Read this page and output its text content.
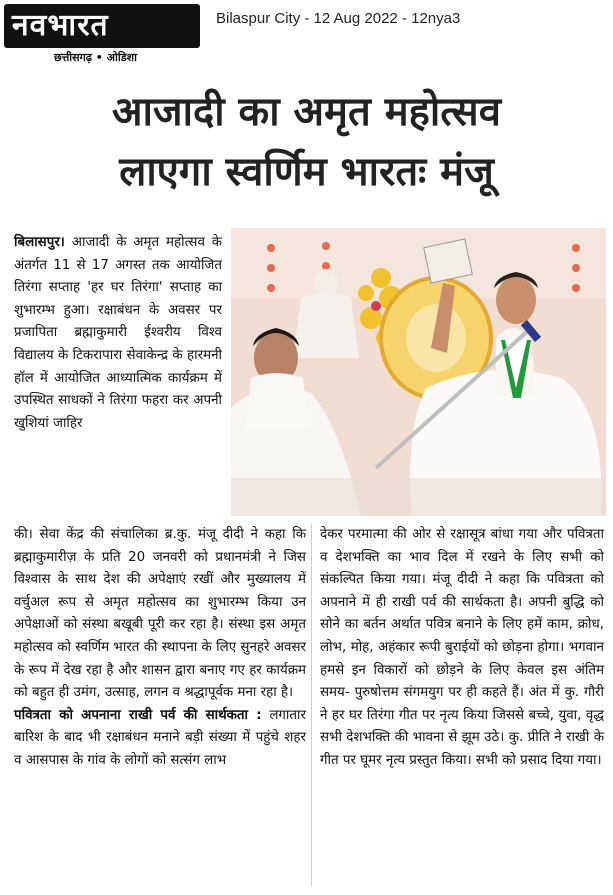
नवभारत
छत्तीसगढ़ • ओडिशा
Bilaspur City - 12 Aug 2022 - 12nya3
आजादी का अमृत महोत्सव
लाएगा स्वर्णिम भारतः मंजू
बिलासपुर। आजादी के अमृत महोत्सव के अंतर्गत 11 से 17 अगस्त तक आयोजित तिरंगा सप्ताह 'हर घर तिरंगा' सप्ताह का शुभारम्भ हुआ। रक्षाबंधन के अवसर पर प्रजापिता ब्रह्माकुमारी ईश्वरीय विश्व विद्यालय के टिकरापारा सेवाकेन्द्र के हारमनी हॉल में आयोजित आध्यात्मिक कार्यक्रम में उपस्थित साधकों ने तिरंगा फहरा कर अपनी खुशियां जाहिर
की। सेवा केंद्र की संचालिका ब्र.कु. मंजू दीदी ने कहा कि ब्रह्माकुमारीज़ के प्रति 20 जनवरी को प्रधानमंत्री ने जिस विश्वास के साथ देश की अपेक्षाएं रखीं और मुख्यालय में वर्चुअल रूप से अमृत महोत्सव का शुभारम्भ किया उन अपेक्षाओं को संस्था बखूबी पूरी कर रहा है। संस्था इस अमृत महोत्सव को स्वर्णिम भारत की स्थापना के लिए सुनहरे अवसर के रूप में देख रहा है और शासन द्वारा बनाए गए हर कार्यक्रम को बहुत ही उमंग, उत्साह, लगन व श्रद्धापूर्वक मना रहा है।
पवित्रता को अपनाना राखी पर्व की सार्थकता : लगातार बारिश के बाद भी रक्षाबंधन मनाने बड़ी संख्या में पहुंचे शहर व आसपास के गांव के लोगों को सत्संग लाभ
देकर परमात्मा की ओर से रक्षासूत्र बांधा गया और पवित्रता व देशभक्ति का भाव दिल में रखने के लिए सभी को संकल्पित किया गया। मंजू दीदी ने कहा कि पवित्रता को अपनाने में ही राखी पर्व की सार्थकता है। अपनी बुद्धि को सोने का बर्तन अर्थात पवित्र बनाने के लिए हमें काम, क्रोध, लोभ, मोह, अहंकार रूपी बुराईयों को छोड़ना होगा। भगवान हमसे इन विकारों को छोड़ने के लिए केवल इस अंतिम समय- पुरुषोत्तम संगमयुग पर ही कहते हैं। अंत में कु. गौरी ने हर घर तिरंगा गीत पर नृत्य किया जिससे बच्चे, युवा, वृद्ध सभी देशभक्ति की भावना से झूम उठे। कु. प्रीति ने राखी के गीत पर घूमर नृत्य प्रस्तुत किया। सभी को प्रसाद दिया गया।
